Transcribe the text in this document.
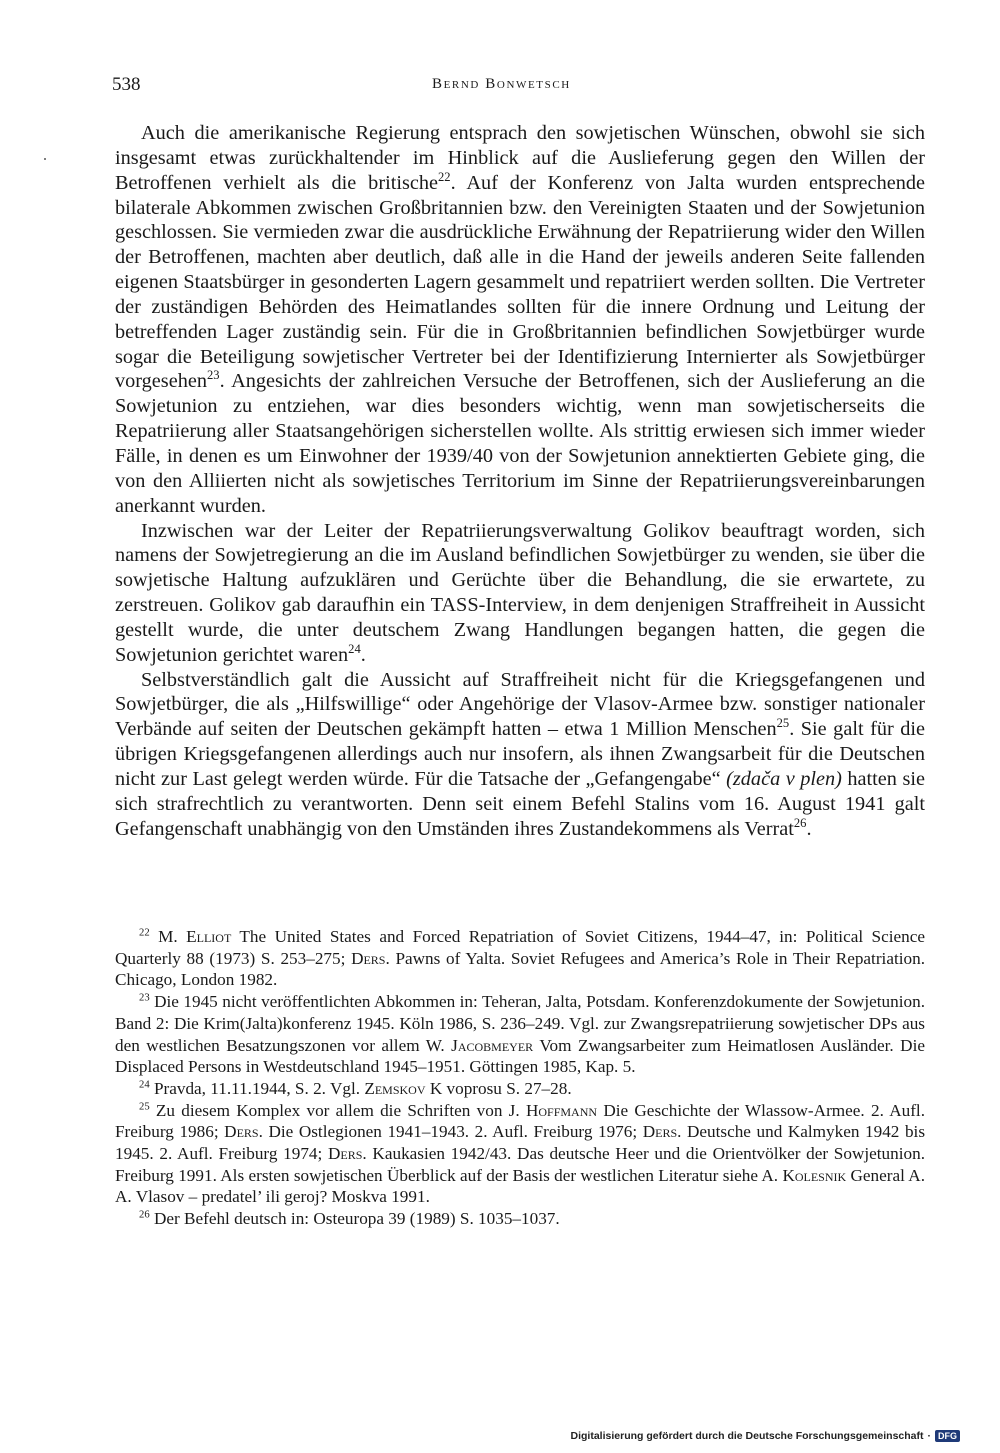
538	Bernd Bonwetsch

Auch die amerikanische Regierung entsprach den sowjetischen Wünschen, obwohl sie sich insgesamt etwas zurückhaltender im Hinblick auf die Auslieferung gegen den Willen der Betroffenen verhielt als die britische$^{22}$. Auf der Konferenz von Jalta wurden entsprechende bilaterale Abkommen zwischen Großbritannien bzw. den Vereinigten Staaten und der Sowjetunion geschlossen. Sie vermieden zwar die ausdrückliche Erwähnung der Repatriierung wider den Willen der Betroffenen, machten aber deutlich, daß alle in die Hand der jeweils anderen Seite fallenden eigenen Staatsbürger in gesonderten Lagern gesammelt und repatriiert werden sollten. Die Vertreter der zuständigen Behörden des Heimatlandes sollten für die innere Ordnung und Leitung der betreffenden Lager zuständig sein. Für die in Großbritannien befindlichen Sowjetbürger wurde sogar die Beteiligung sowjetischer Vertreter bei der Identifizierung Internierter als Sowjetbürger vorgesehen$^{23}$. Angesichts der zahlreichen Versuche der Betroffenen, sich der Auslieferung an die Sowjetunion zu entziehen, war dies besonders wichtig, wenn man sowjetischerseits die Repatriierung aller Staatsangehörigen sicherstellen wollte. Als strittig erwiesen sich immer wieder Fälle, in denen es um Einwohner der 1939/40 von der Sowjetunion annektierten Gebiete ging, die von den Alliierten nicht als sowjetisches Territorium im Sinne der Repatriierungsvereinbarungen anerkannt wurden.

Inzwischen war der Leiter der Repatriierungsverwaltung Golikov beauftragt worden, sich namens der Sowjetregierung an die im Ausland befindlichen Sowjetbürger zu wenden, sie über die sowjetische Haltung aufzuklären und Gerüchte über die Behandlung, die sie erwartete, zu zerstreuen. Golikov gab daraufhin ein TASS-Interview, in dem denjenigen Straffreiheit in Aussicht gestellt wurde, die unter deutschem Zwang Handlungen begangen hatten, die gegen die Sowjetunion gerichtet waren$^{24}$.

Selbstverständlich galt die Aussicht auf Straffreiheit nicht für die Kriegsgefangenen und Sowjetbürger, die als „Hilfswillige“ oder Angehörige der Vlasov-Armee bzw. sonstiger nationaler Verbände auf seiten der Deutschen gekämpft hatten – etwa 1 Million Menschen$^{25}$. Sie galt für die übrigen Kriegsgefangenen allerdings auch nur insofern, als ihnen Zwangsarbeit für die Deutschen nicht zur Last gelegt werden würde. Für die Tatsache der „Gefangengabe“ (zdača v plen) hatten sie sich strafrechtlich zu verantworten. Denn seit einem Befehl Stalins vom 16. August 1941 galt Gefangenschaft unabhängig von den Umständen ihres Zustandekommens als Verrat$^{26}$.

$^{22}$ M. Elliot The United States and Forced Repatriation of Soviet Citizens, 1944–47, in: Political Science Quarterly 88 (1973) S. 253–275; Ders. Pawns of Yalta. Soviet Refugees and America’s Role in Their Repatriation. Chicago, London 1982.

$^{23}$ Die 1945 nicht veröffentlichten Abkommen in: Teheran, Jalta, Potsdam. Konferenzdokumente der Sowjetunion. Band 2: Die Krim(Jalta)konferenz 1945. Köln 1986, S. 236–249. Vgl. zur Zwangsrepatriierung sowjetischer DPs aus den westlichen Besatzungszonen vor allem W. Jacobmeyer Vom Zwangsarbeiter zum Heimatlosen Ausländer. Die Displaced Persons in Westdeutschland 1945–1951. Göttingen 1985, Kap. 5.

$^{24}$ Pravda, 11.11.1944, S. 2. Vgl. Zemskov K voprosu S. 27–28.

$^{25}$ Zu diesem Komplex vor allem die Schriften von J. Hoffmann Die Geschichte der Wlassow-Armee. 2. Aufl. Freiburg 1986; Ders. Die Ostlegionen 1941–1943. 2. Aufl. Freiburg 1976; Ders. Deutsche und Kalmyken 1942 bis 1945. 2. Aufl. Freiburg 1974; Ders. Kaukasien 1942/43. Das deutsche Heer und die Orientvölker der Sowjetunion. Freiburg 1991. Als ersten sowjetischen Überblick auf der Basis der westlichen Literatur siehe A. Kolesnik General A. A. Vlasov – predatel’ ili geroj? Moskva 1991.

$^{26}$ Der Befehl deutsch in: Osteuropa 39 (1989) S. 1035–1037.

Digitalisierung gefördert durch die Deutsche Forschungsgemeinschaft · DFG
